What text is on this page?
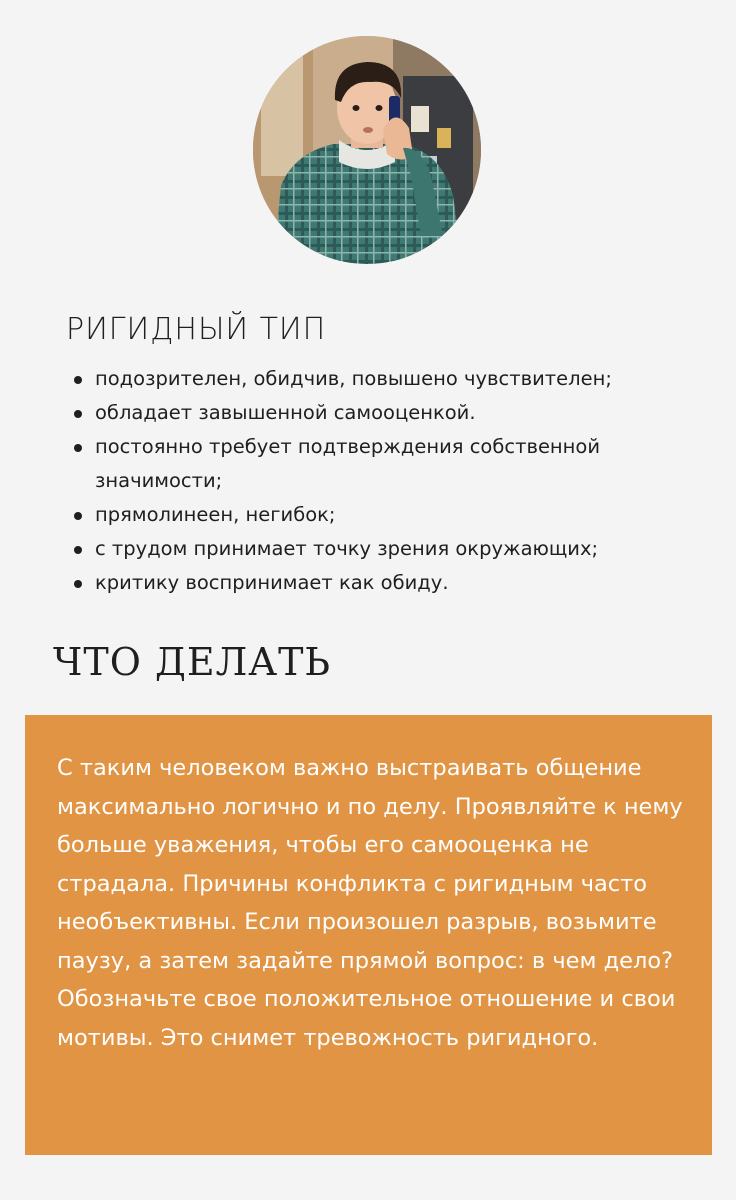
РИГИДНЫЙ ТИП
подозрителен, обидчив, повышено чувствителен;
обладает завышенной самооценкой.
постоянно требует подтверждения собственной значимости;
прямолинеен, негибок;
с трудом принимает точку зрения окружающих;
критику воспринимает как обиду.
ЧТО ДЕЛАТЬ

С таким человеком важно выстраивать общение максимально логично и по делу. Проявляйте к нему больше уважения, чтобы его самооценка не страдала. Причины конфликта с ригидным часто необъективны. Если произошел разрыв, возьмите паузу, а затем задайте прямой вопрос: в чем дело? Обозначьте свое положительное отношение и свои мотивы. Это снимет тревожность ригидного.
